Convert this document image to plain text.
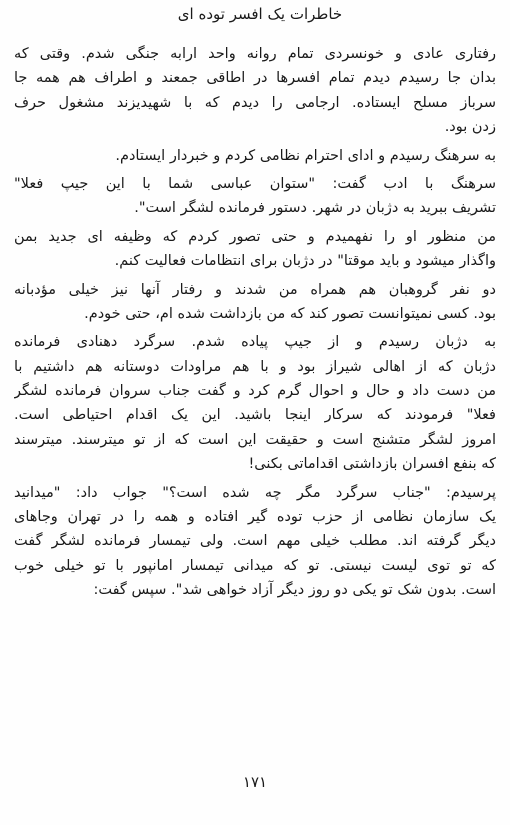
خاطرات یک افسر توده ای
رفتاری عادی و خونسردی تمام روانه واحد ارابه جنگی شدم. وقتی که
بدان جا رسیدم دیدم تمام افسرها در اطاقی جمعند و اطراف هم همه جا
سرباز مسلح ایستاده. ارجامی را دیدم که با شهیدیزند مشغول حرف
زدن بود.
به سرهنگ رسیدم و ادای احترام نظامی کردم و خبردار ایستادم.
سرهنگ با ادب گفت: "ستوان عباسی شما با این جیپ فعلا"
تشریف ببرید به دژبان در شهر. دستور فرمانده لشگر است".
من منظور او را نفهمیدم و حتی تصور کردم که وظیفه ای جدید بمن
واگذار میشود و باید موقتا" در دژبان برای انتظامات فعالیت کنم.
دو نفر گروهبان هم همراه من شدند و رفتار آنها نیز خیلی مؤدبانه
بود. کسی نمیتوانست تصور کند که من بازداشت شده ام، حتی خودم.
به دژبان رسیدم و از جیپ پیاده شدم. سرگرد دهنادی فرمانده
دژبان که از اهالی شیراز بود و با هم مراودات دوستانه هم داشتیم با
من دست داد و حال و احوال گرم کرد و گفت جناب سروان فرمانده لشگر
فعلا" فرمودند که سرکار اینجا باشید. این یک اقدام احتیاطی است.
امروز لشگر متشنج است و حقیقت این است که از تو میترسند. میترسند
که بنفع افسران بازداشتی اقداماتی بکنی!
پرسیدم: "جناب سرگرد مگر چه شده است؟" جواب داد: "میدانید
یک سازمان نظامی از حزب توده گیر افتاده و همه را در تهران وجاهای
دیگر گرفته اند. مطلب خیلی مهم است. ولی تیمسار فرمانده لشگر گفت
که تو توی لیست نیستی. تو که میدانی تیمسار امانپور با تو خیلی خوب
است. بدون شک تو یکی دو روز دیگر آزاد خواهی شد". سپس گفت:
۱۷۱
